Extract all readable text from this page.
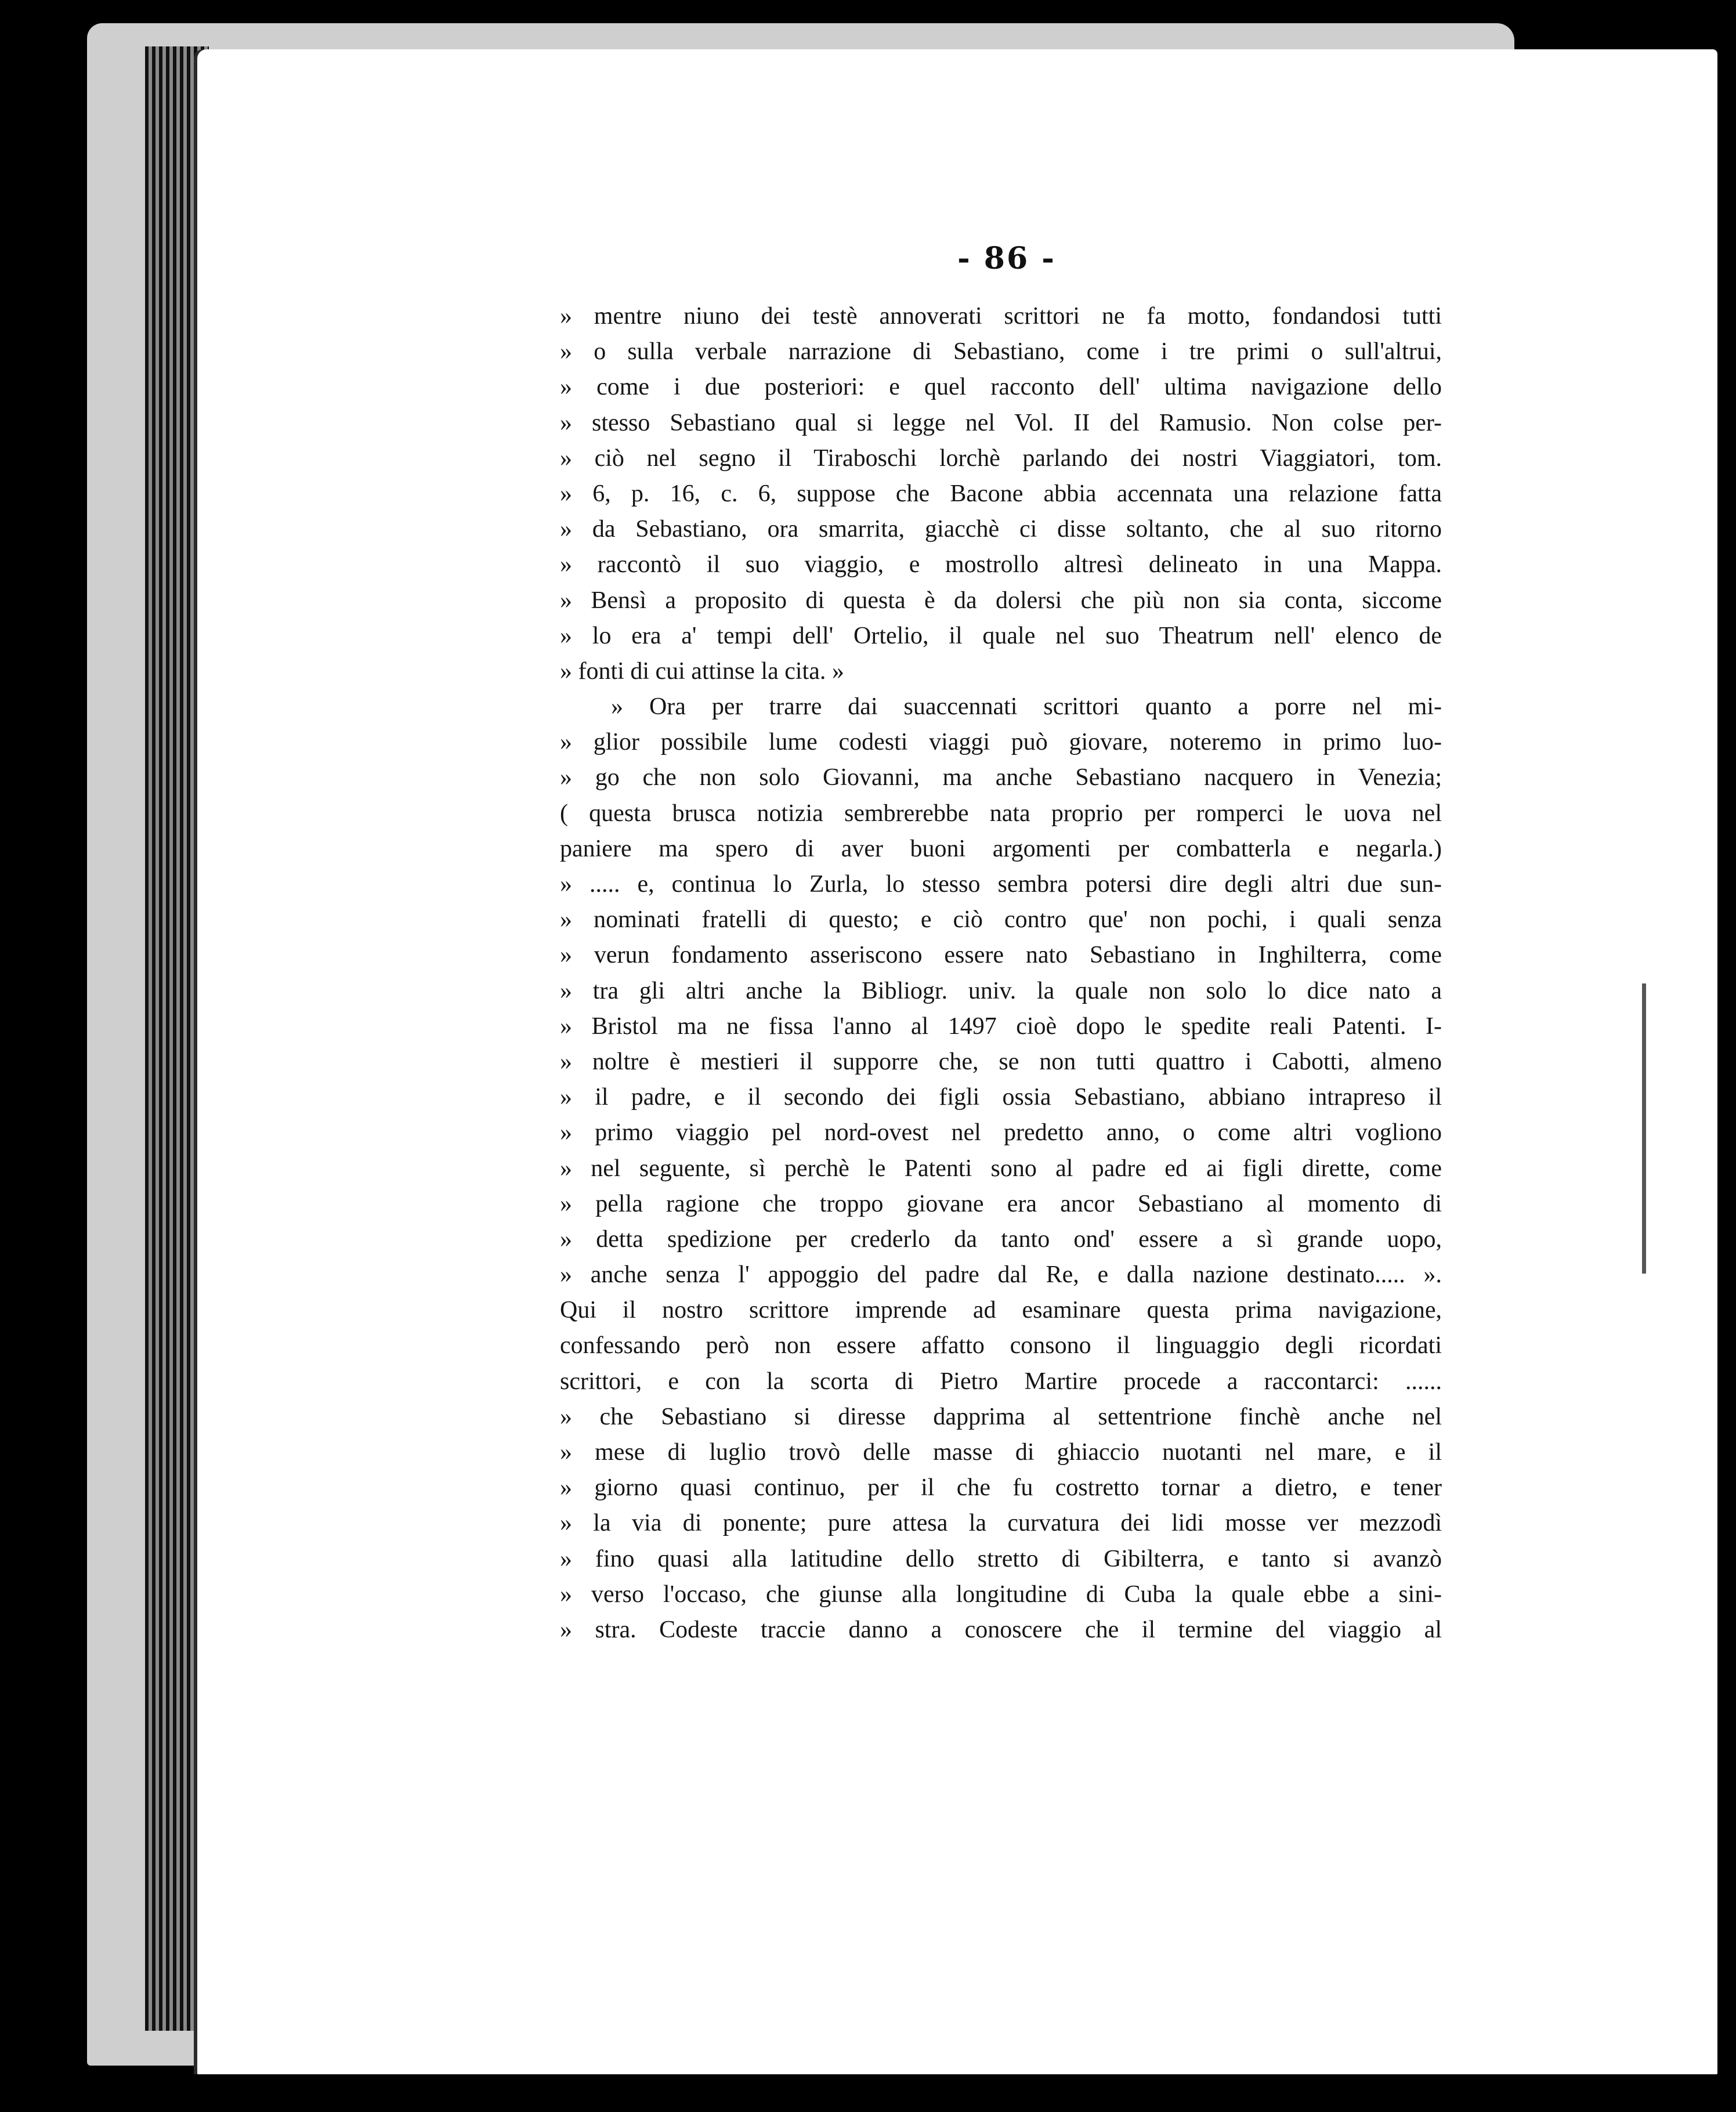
- 86 -
» mentre niuno dei testè annoverati scrittori ne fa motto, fondandosi tutti
» o sulla verbale narrazione di Sebastiano, come i tre primi o sull'altrui,
» come i due posteriori: e quel racconto dell' ultima navigazione dello
» stesso Sebastiano qual si legge nel Vol. II del Ramusio. Non colse per-
» ciò nel segno il Tiraboschi lorchè parlando dei nostri Viaggiatori, tom.
» 6, p. 16, c. 6, suppose che Bacone abbia accennata una relazione fatta
» da Sebastiano, ora smarrita, giacchè ci disse soltanto, che al suo ritorno
» raccontò il suo viaggio, e mostrollo altresì delineato in una Mappa.
» Bensì a proposito di questa è da dolersi che più non sia conta, siccome
» lo era a' tempi dell' Ortelio, il quale nel suo Theatrum nell' elenco de
» fonti di cui attinse la cita. »
» Ora per trarre dai suaccennati scrittori quanto a porre nel mi-
» glior possibile lume codesti viaggi può giovare, noteremo in primo luo-
» go che non solo Giovanni, ma anche Sebastiano nacquero in Venezia;
( questa brusca notizia sembrerebbe nata proprio per romperci le uova nel
paniere ma spero di aver buoni argomenti per combatterla e negarla.)
» ..... e, continua lo Zurla, lo stesso sembra potersi dire degli altri due sun-
» nominati fratelli di questo; e ciò contro que' non pochi, i quali senza
» verun fondamento asseriscono essere nato Sebastiano in Inghilterra, come
» tra gli altri anche la Bibliogr. univ. la quale non solo lo dice nato a
» Bristol ma ne fissa l'anno al 1497 cioè dopo le spedite reali Patenti. I-
» noltre è mestieri il supporre che, se non tutti quattro i Cabotti, almeno
» il padre, e il secondo dei figli ossia Sebastiano, abbiano intrapreso il
» primo viaggio pel nord-ovest nel predetto anno, o come altri vogliono
» nel seguente, sì perchè le Patenti sono al padre ed ai figli dirette, come
» pella ragione che troppo giovane era ancor Sebastiano al momento di
» detta spedizione per crederlo da tanto ond' essere a sì grande uopo,
» anche senza l' appoggio del padre dal Re, e dalla nazione destinato..... ».
Qui il nostro scrittore imprende ad esaminare questa prima navigazione,
confessando però non essere affatto consono il linguaggio degli ricordati
scrittori, e con la scorta di Pietro Martire procede a raccontarci: ......
» che Sebastiano si diresse dapprima al settentrione finchè anche nel
» mese di luglio trovò delle masse di ghiaccio nuotanti nel mare, e il
» giorno quasi continuo, per il che fu costretto tornar a dietro, e tener
» la via di ponente; pure attesa la curvatura dei lidi mosse ver mezzodì
» fino quasi alla latitudine dello stretto di Gibilterra, e tanto si avanzò
» verso l'occaso, che giunse alla longitudine di Cuba la quale ebbe a sini-
» stra. Codeste traccie danno a conoscere che il termine del viaggio al
